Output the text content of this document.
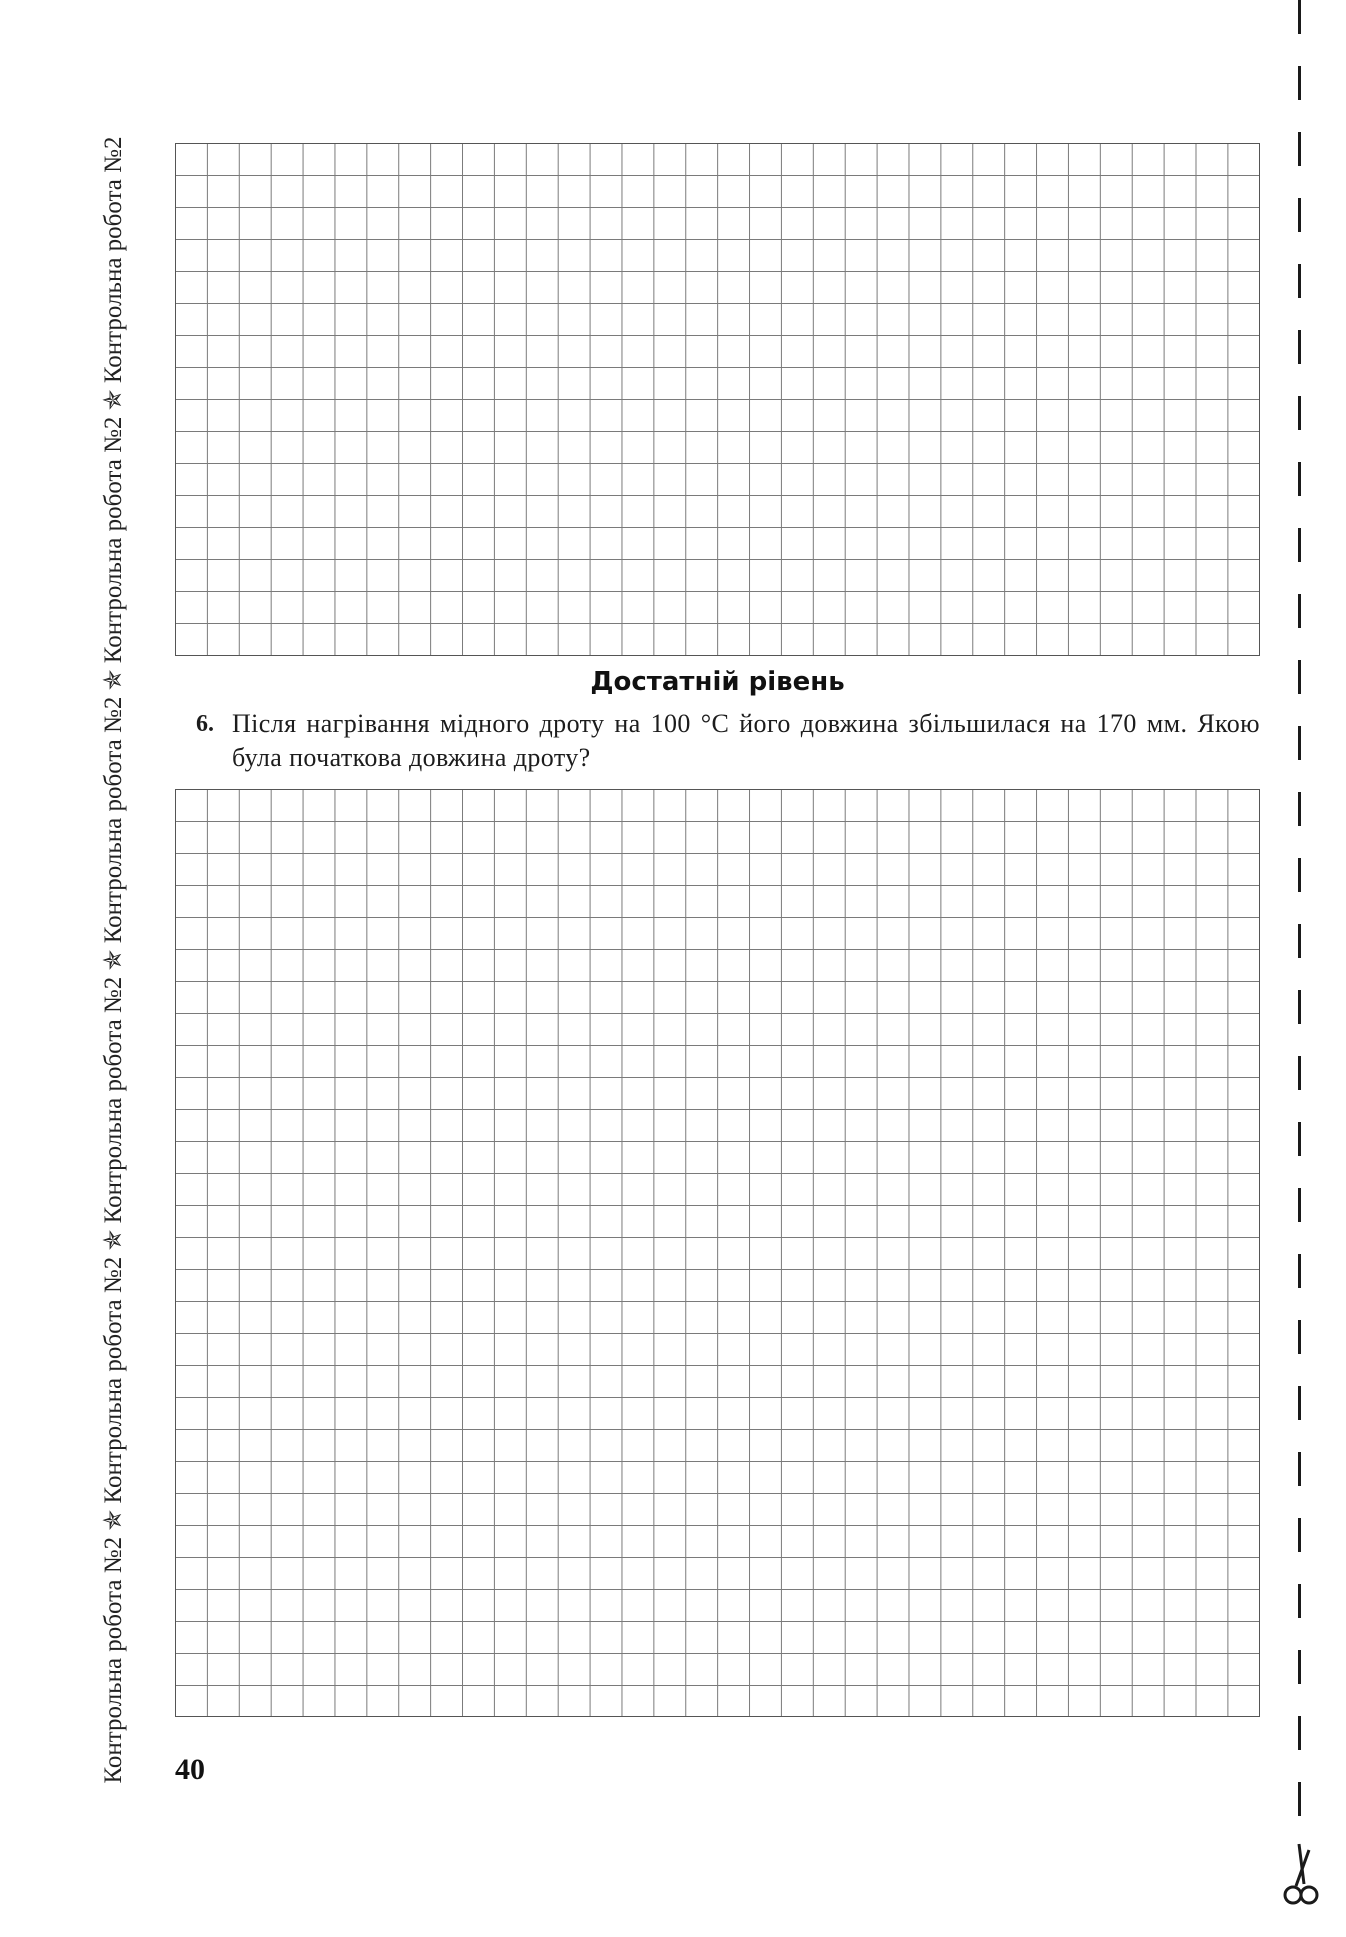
Контрольна робота №2 ✯ Контрольна робота №2 ✯ Контрольна робота №2 ✯ Контрольна робота №2 ✯ Контрольна робота №2 ✯ Контрольна робота №2	Достатній рівень
6. Після нагрівання мідного дроту на 100 °С його довжина збільшилася на 170 мм. Якою була початкова довжина дроту?
40
